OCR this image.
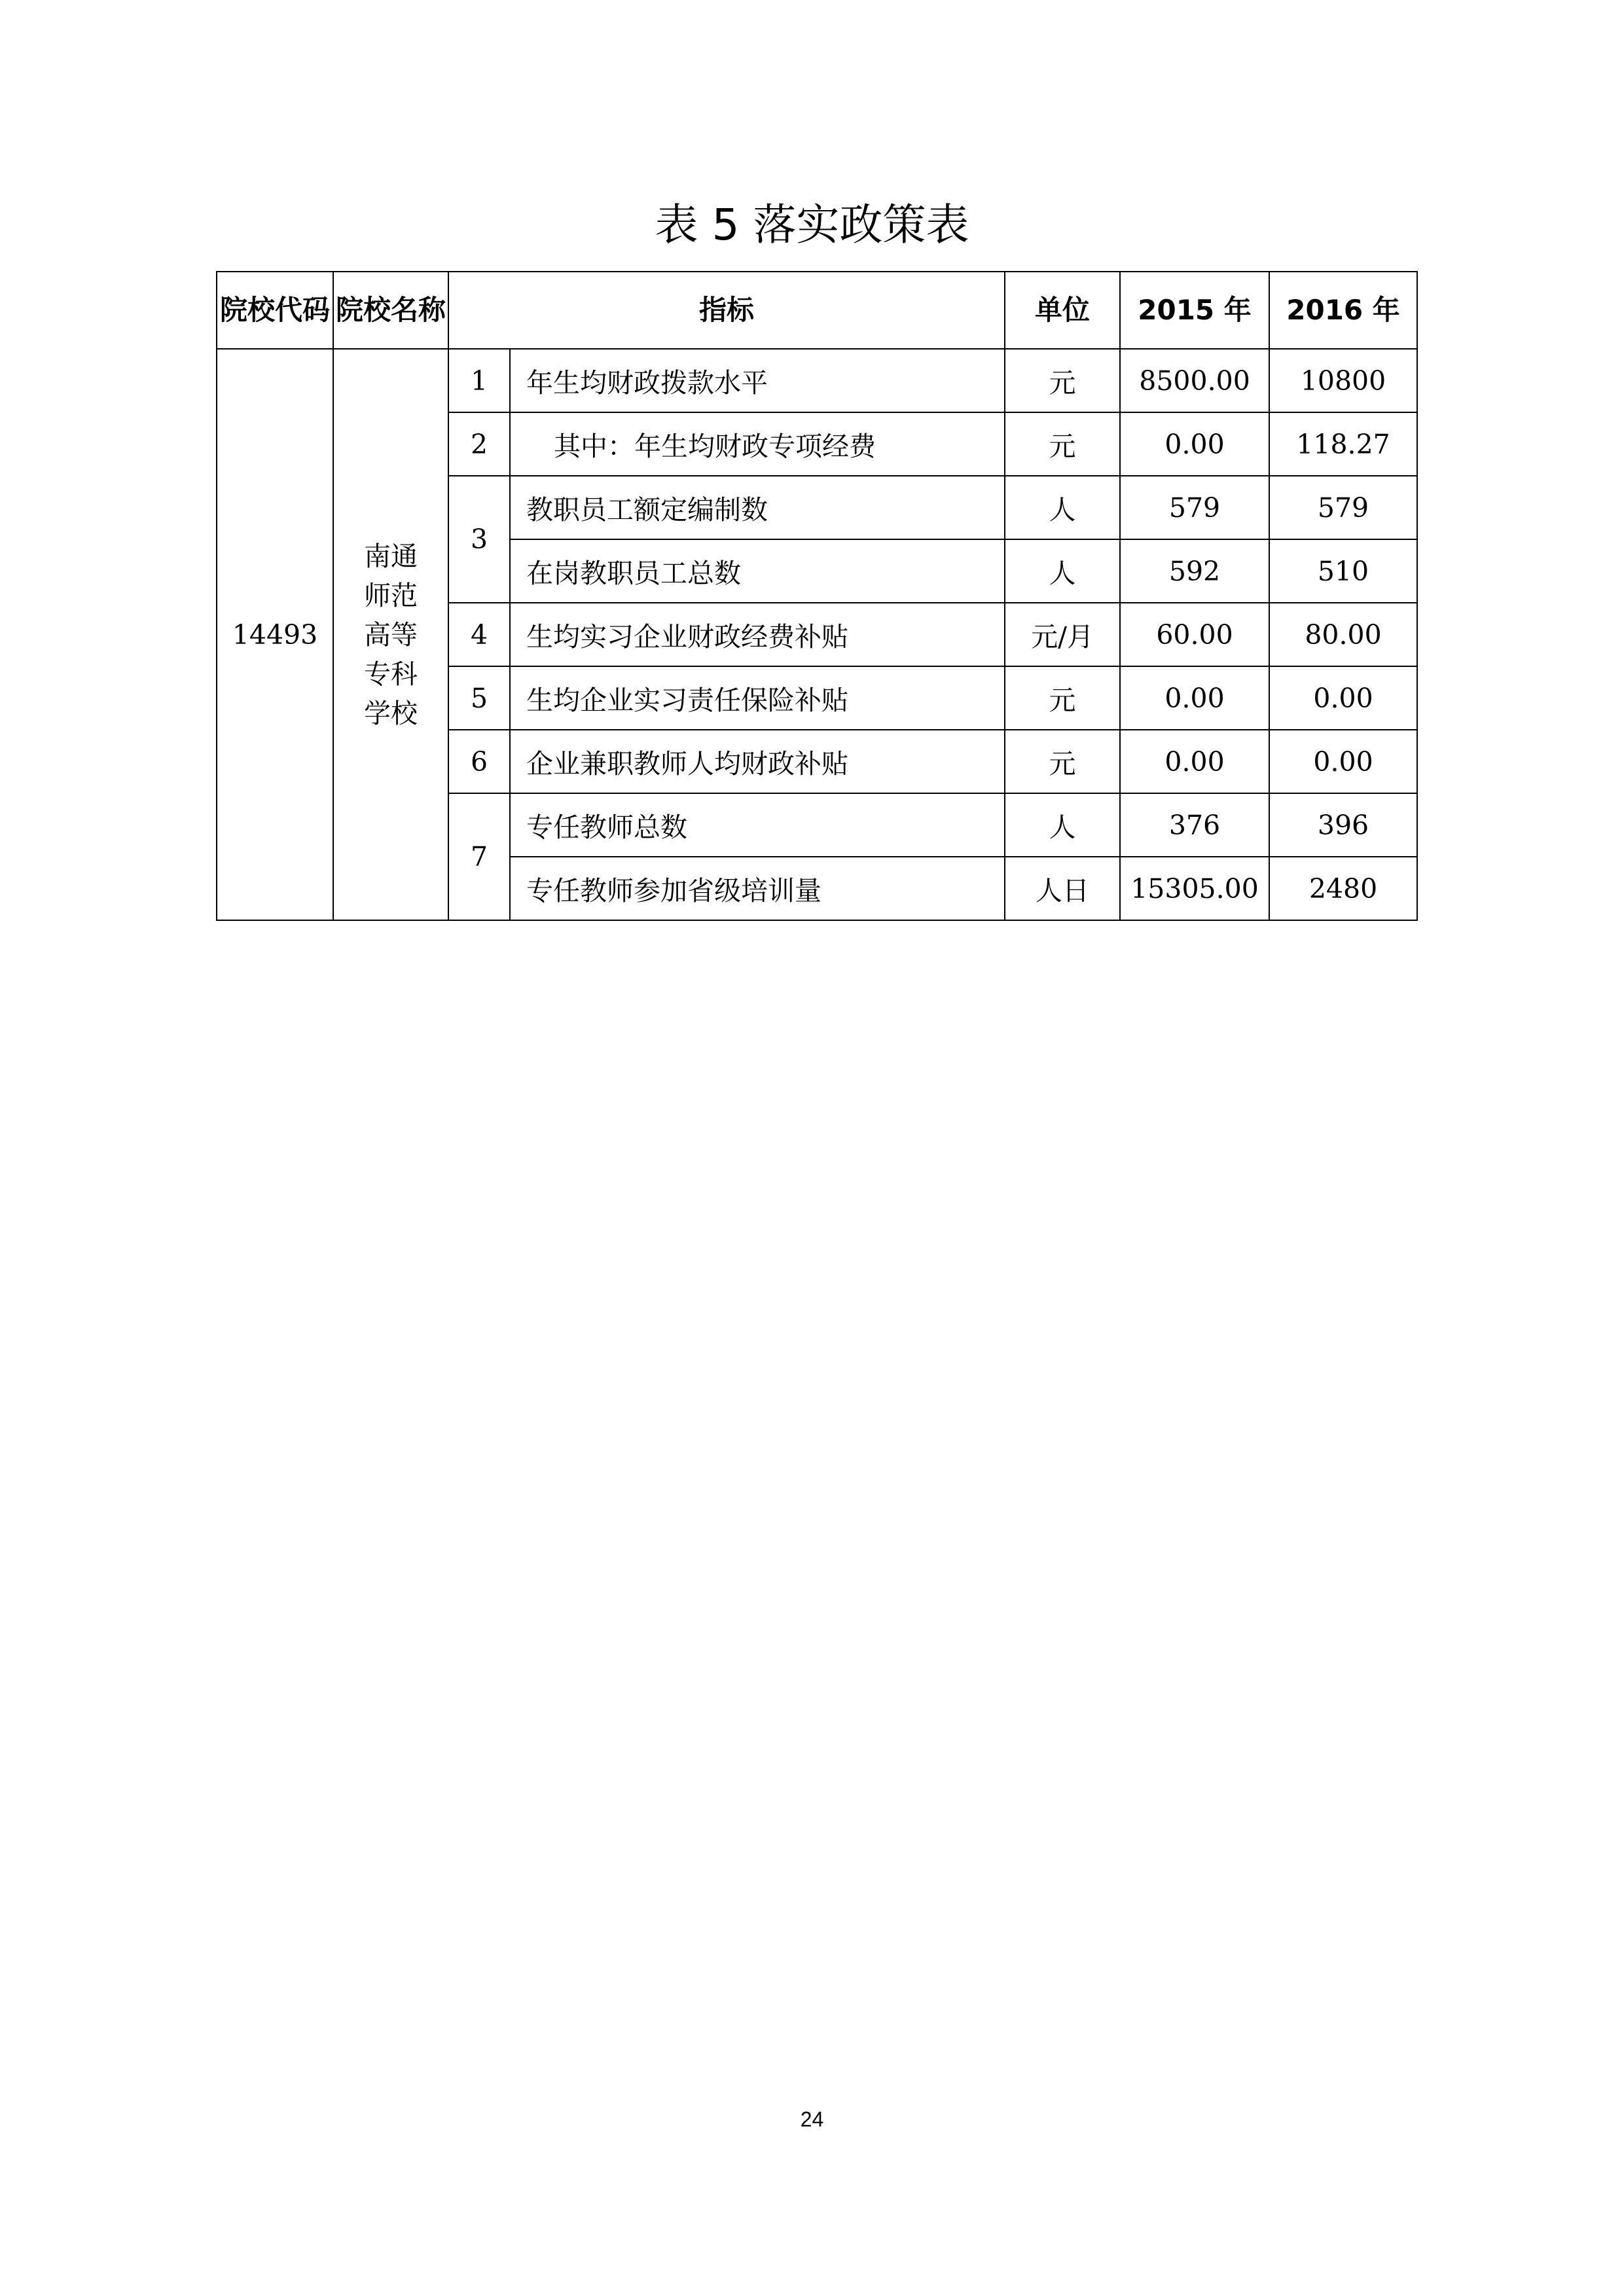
表 5 落实政策表
院校代码	院校名称	指标		单位	2015 年	2016 年
14493	南通师范高等专科学校	1	年生均财政拨款水平	元	8500.00	10800
		2	其中：年生均财政专项经费	元	0.00	118.27
		3	教职员工额定编制数	人	579	579
			在岗教职员工总数	人	592	510
		4	生均实习企业财政经费补贴	元/月	60.00	80.00
		5	生均企业实习责任保险补贴	元	0.00	0.00
		6	企业兼职教师人均财政补贴	元	0.00	0.00
		7	专任教师总数	人	376	396
			专任教师参加省级培训量	人日	15305.00	2480
24
